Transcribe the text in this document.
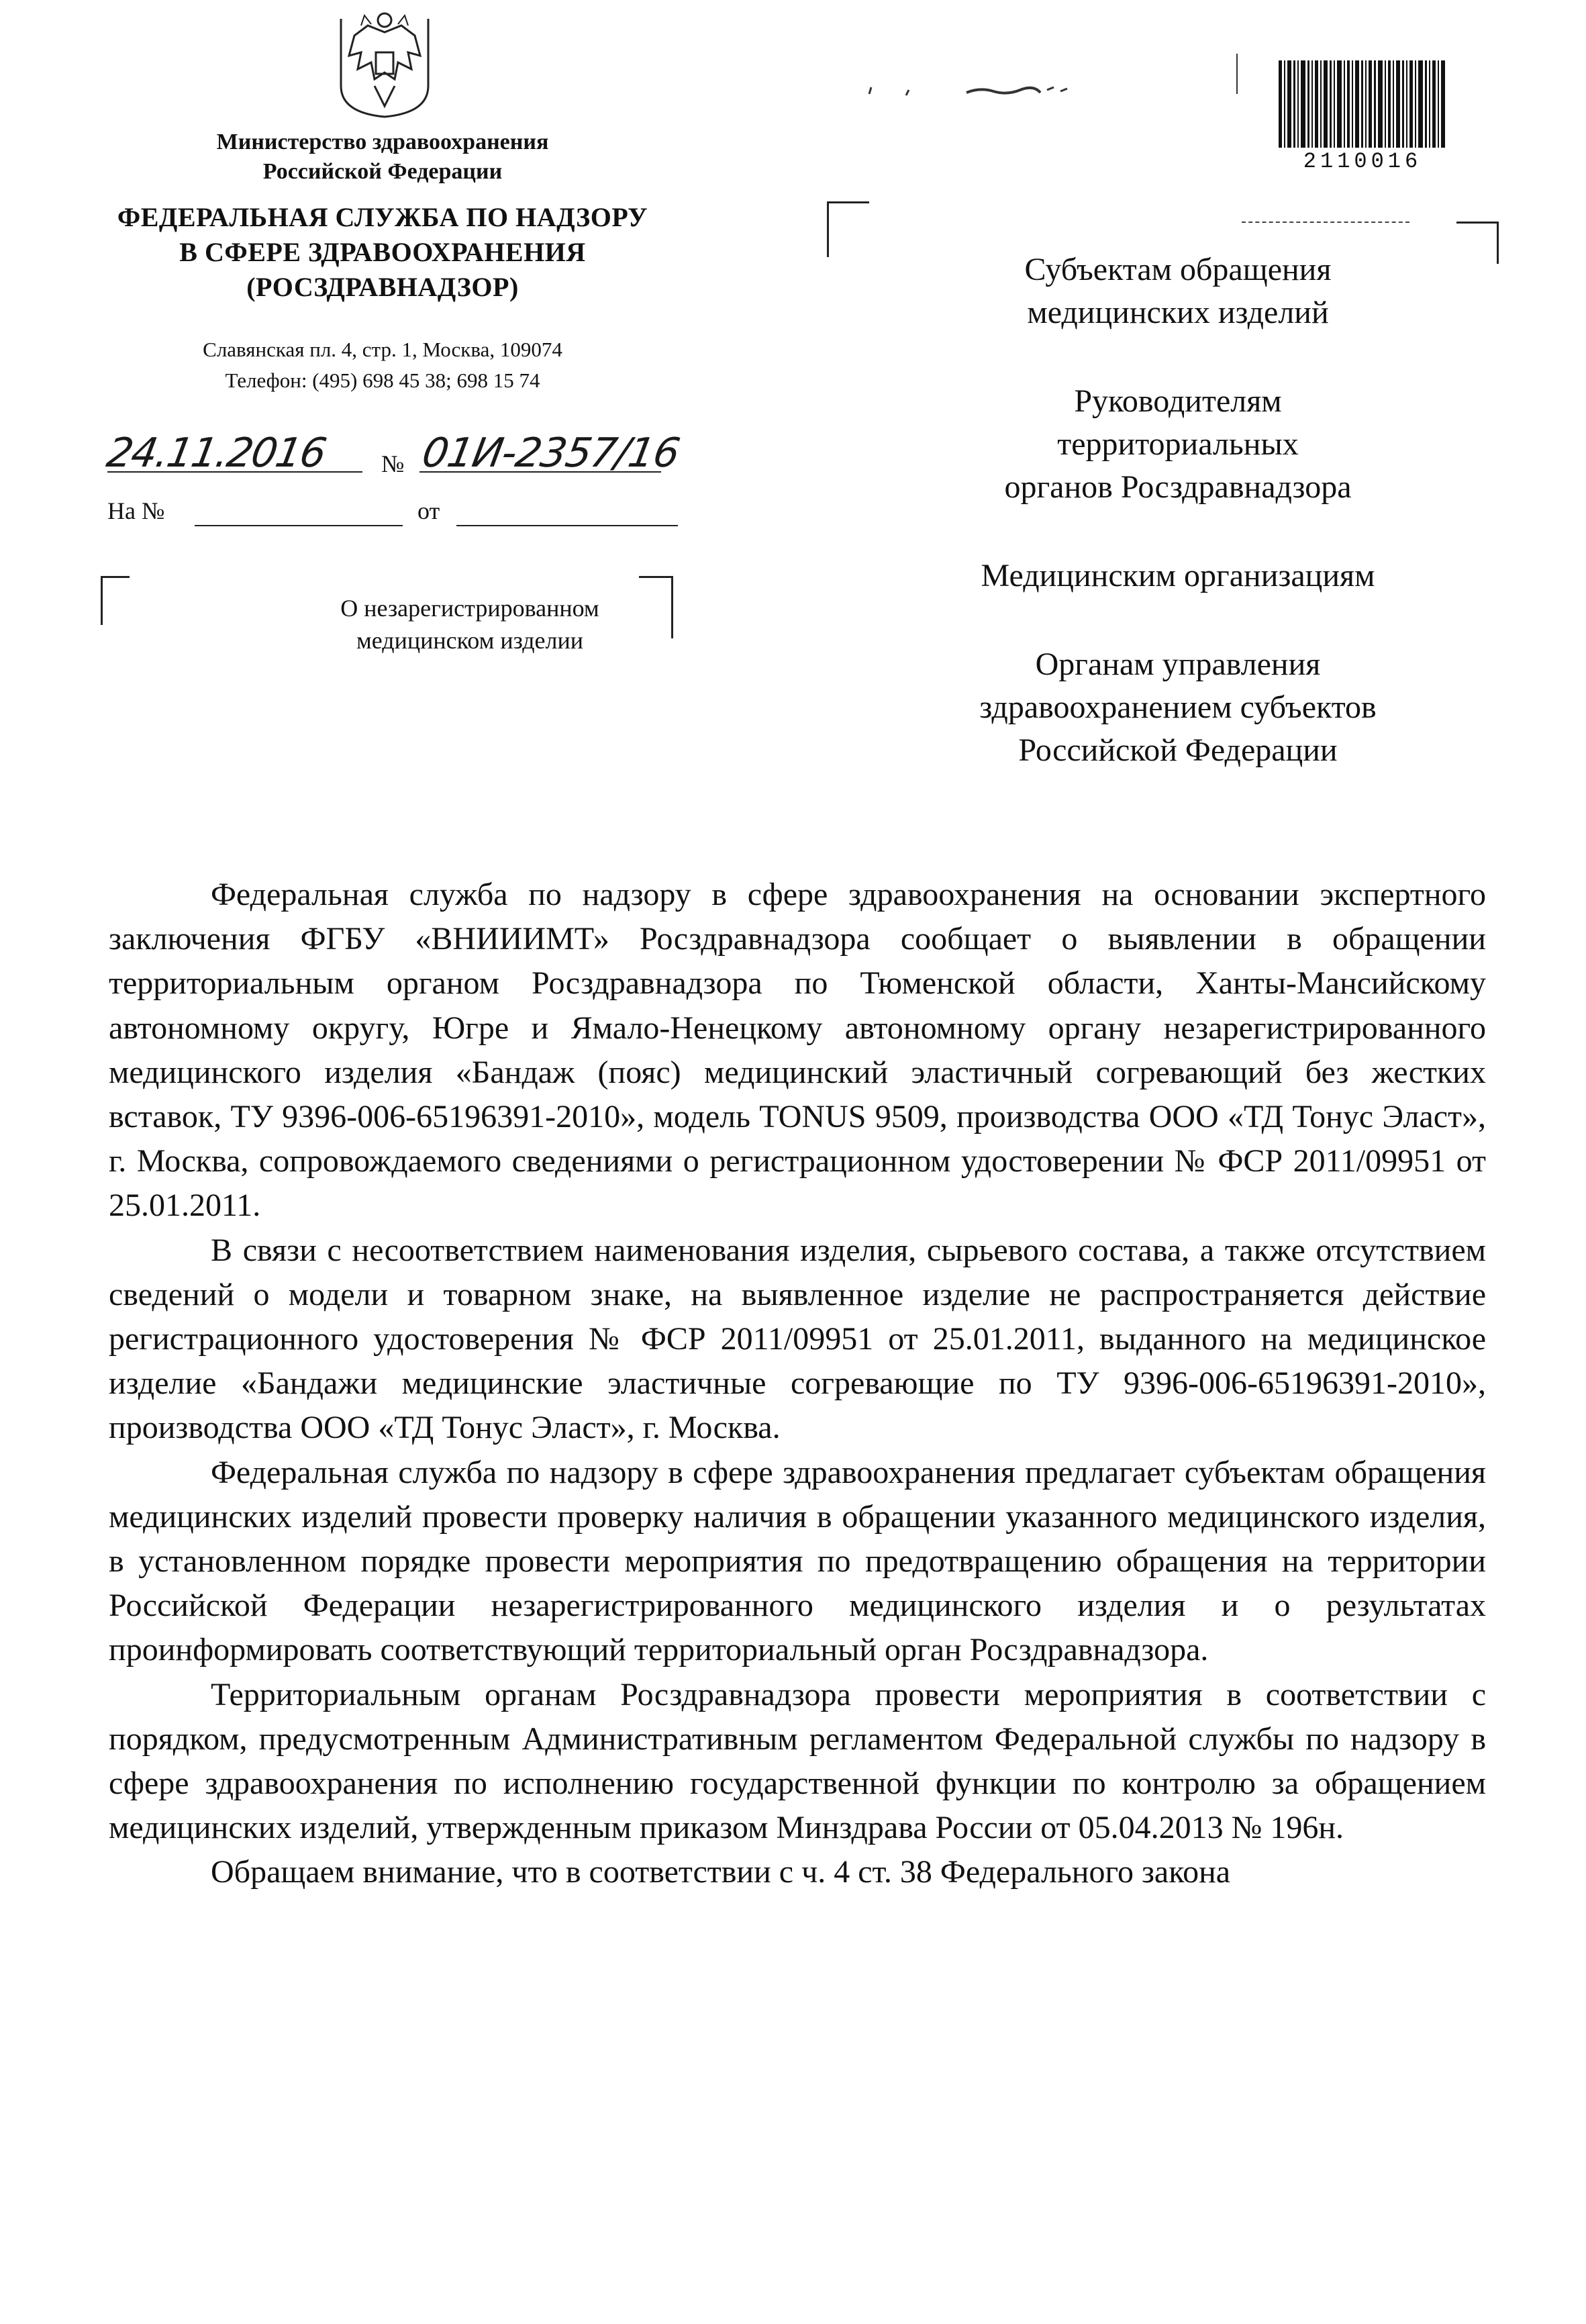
Министерство здравоохранения
Российской Федерации
ФЕДЕРАЛЬНАЯ СЛУЖБА ПО НАДЗОРУ
В СФЕРЕ ЗДРАВООХРАНЕНИЯ
(РОСЗДРАВНАДЗОР)
Славянская пл. 4, стр. 1, Москва, 109074
Телефон: (495) 698 45 38; 698 15 74
24.11.2016 № 01И-2357/16
На №	от
О незарегистрированном
медицинском изделии
2110016
Субъектам обращения
медицинских изделий
Руководителям
территориальных
органов Росздравнадзора
Медицинским организациям
Органам управления
здравоохранением субъектов
Российской Федерации

Федеральная служба по надзору в сфере здравоохранения на основании экспертного заключения ФГБУ «ВНИИИМТ» Росздравнадзора сообщает о выявлении в обращении территориальным органом Росздравнадзора по Тюменской области, Ханты-Мансийскому автономному округу, Югре и Ямало-Ненецкому автономному органу незарегистрированного медицинского изделия «Бандаж (пояс) медицинский эластичный согревающий без жестких вставок, ТУ 9396-006-65196391-2010», модель TONUS 9509, производства ООО «ТД Тонус Эласт», г. Москва, сопровождаемого сведениями о регистрационном удостоверении № ФСР 2011/09951 от 25.01.2011.

В связи с несоответствием наименования изделия, сырьевого состава, а также отсутствием сведений о модели и товарном знаке, на выявленное изделие не распространяется действие регистрационного удостоверения № ФСР 2011/09951 от 25.01.2011, выданного на медицинское изделие «Бандажи медицинские эластичные согревающие по ТУ 9396-006-65196391-2010», производства ООО «ТД Тонус Эласт», г. Москва.

Федеральная служба по надзору в сфере здравоохранения предлагает субъектам обращения медицинских изделий провести проверку наличия в обращении указанного медицинского изделия, в установленном порядке провести мероприятия по предотвращению обращения на территории Российской Федерации незарегистрированного медицинского изделия и о результатах проинформировать соответствующий территориальный орган Росздравнадзора.

Территориальным органам Росздравнадзора провести мероприятия в соответствии с порядком, предусмотренным Административным регламентом Федеральной службы по надзору в сфере здравоохранения по исполнению государственной функции по контролю за обращением медицинских изделий, утвержденным приказом Минздрава России от 05.04.2013 № 196н.

Обращаем внимание, что в соответствии с ч. 4 ст. 38 Федерального закона
